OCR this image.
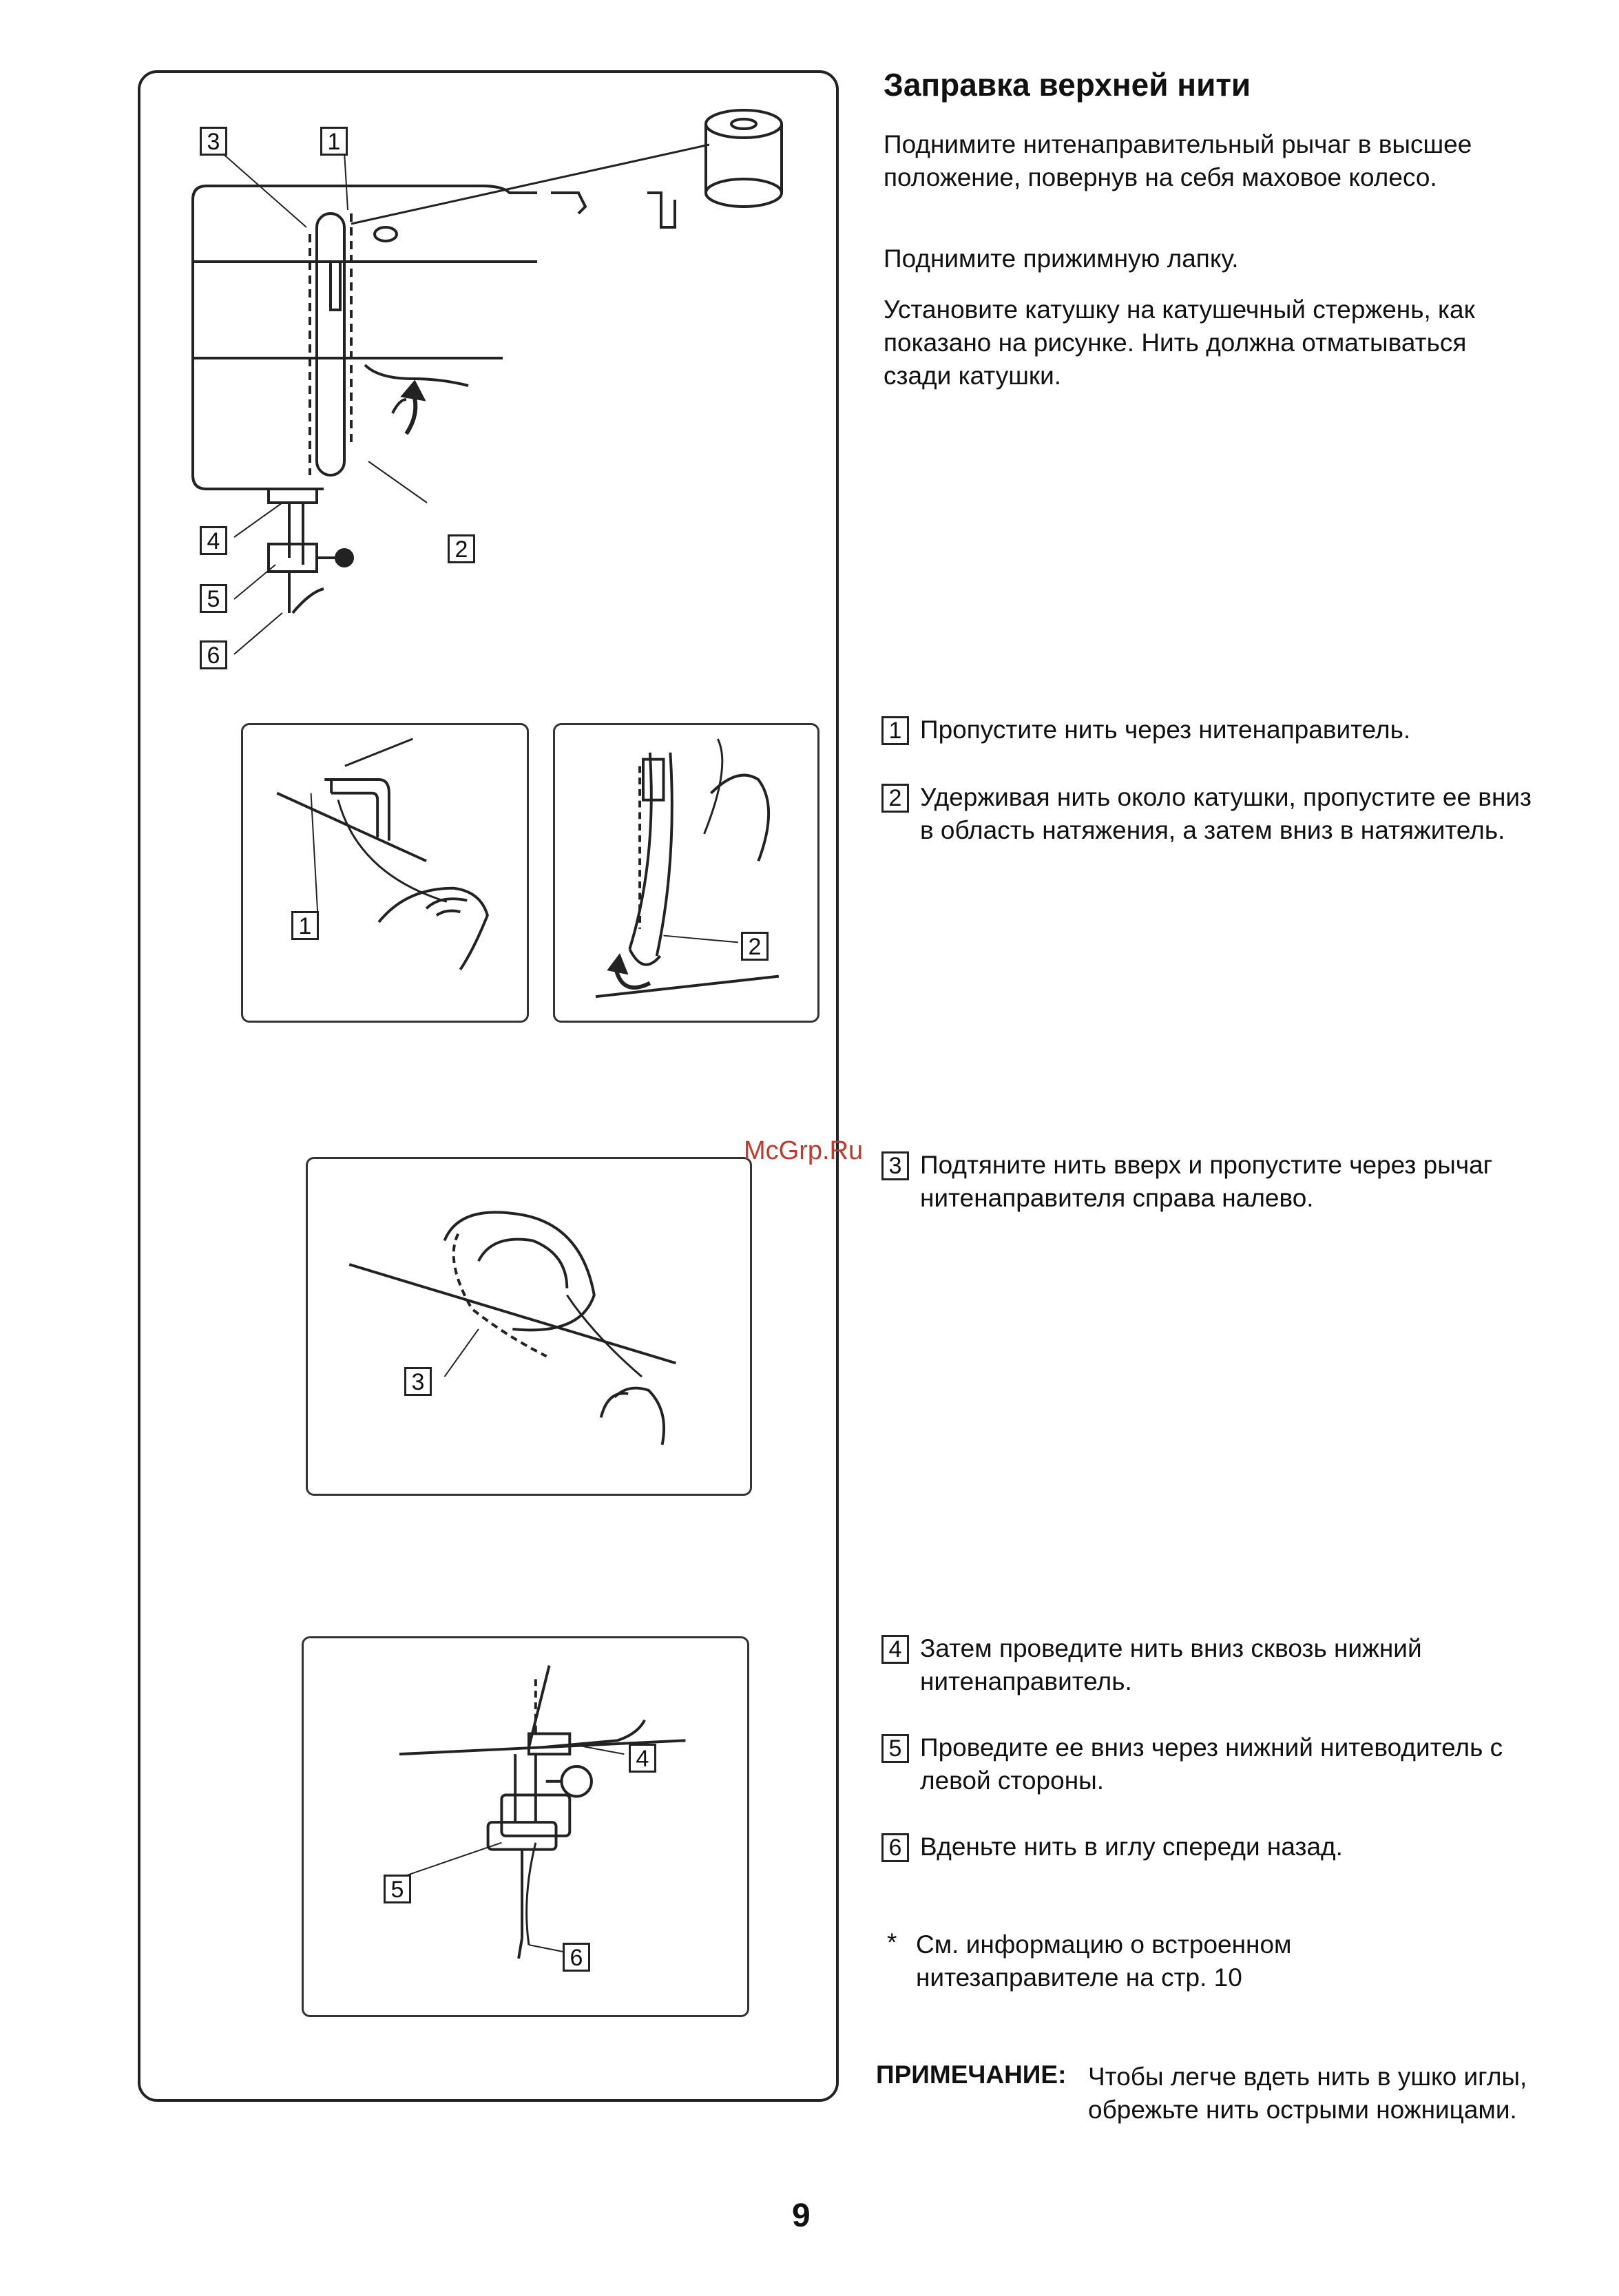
3	1
4	2
5
6
1
2
3
4
5
6
McGrp.Ru
Заправка верхней нити

Поднимите нитенаправительный рычаг в высшее положение, повернув на себя маховое колесо.

Поднимите прижимную лапку.

Установите катушку на катушечный стержень, как показано на рисунке. Нить должна отматываться сзади катушки.

1 Пропустите нить через нитенаправитель.
2 Удерживая нить около катушки, пропустите ее вниз в область натяжения, а затем вниз в натяжитель.
3 Подтяните нить вверх и пропустите через рычаг нитенаправителя справа налево.
4 Затем проведите нить вниз сквозь нижний нитенаправитель.
5 Проведите ее вниз через нижний нитеводитель с левой стороны.
6 Вденьте нить в иглу спереди назад.
* См. информацию о встроенном нитезаправителе на стр. 10
ПРИМЕЧАНИЕ: Чтобы легче вдеть нить в ушко иглы, обрежьте нить острыми ножницами.
9
